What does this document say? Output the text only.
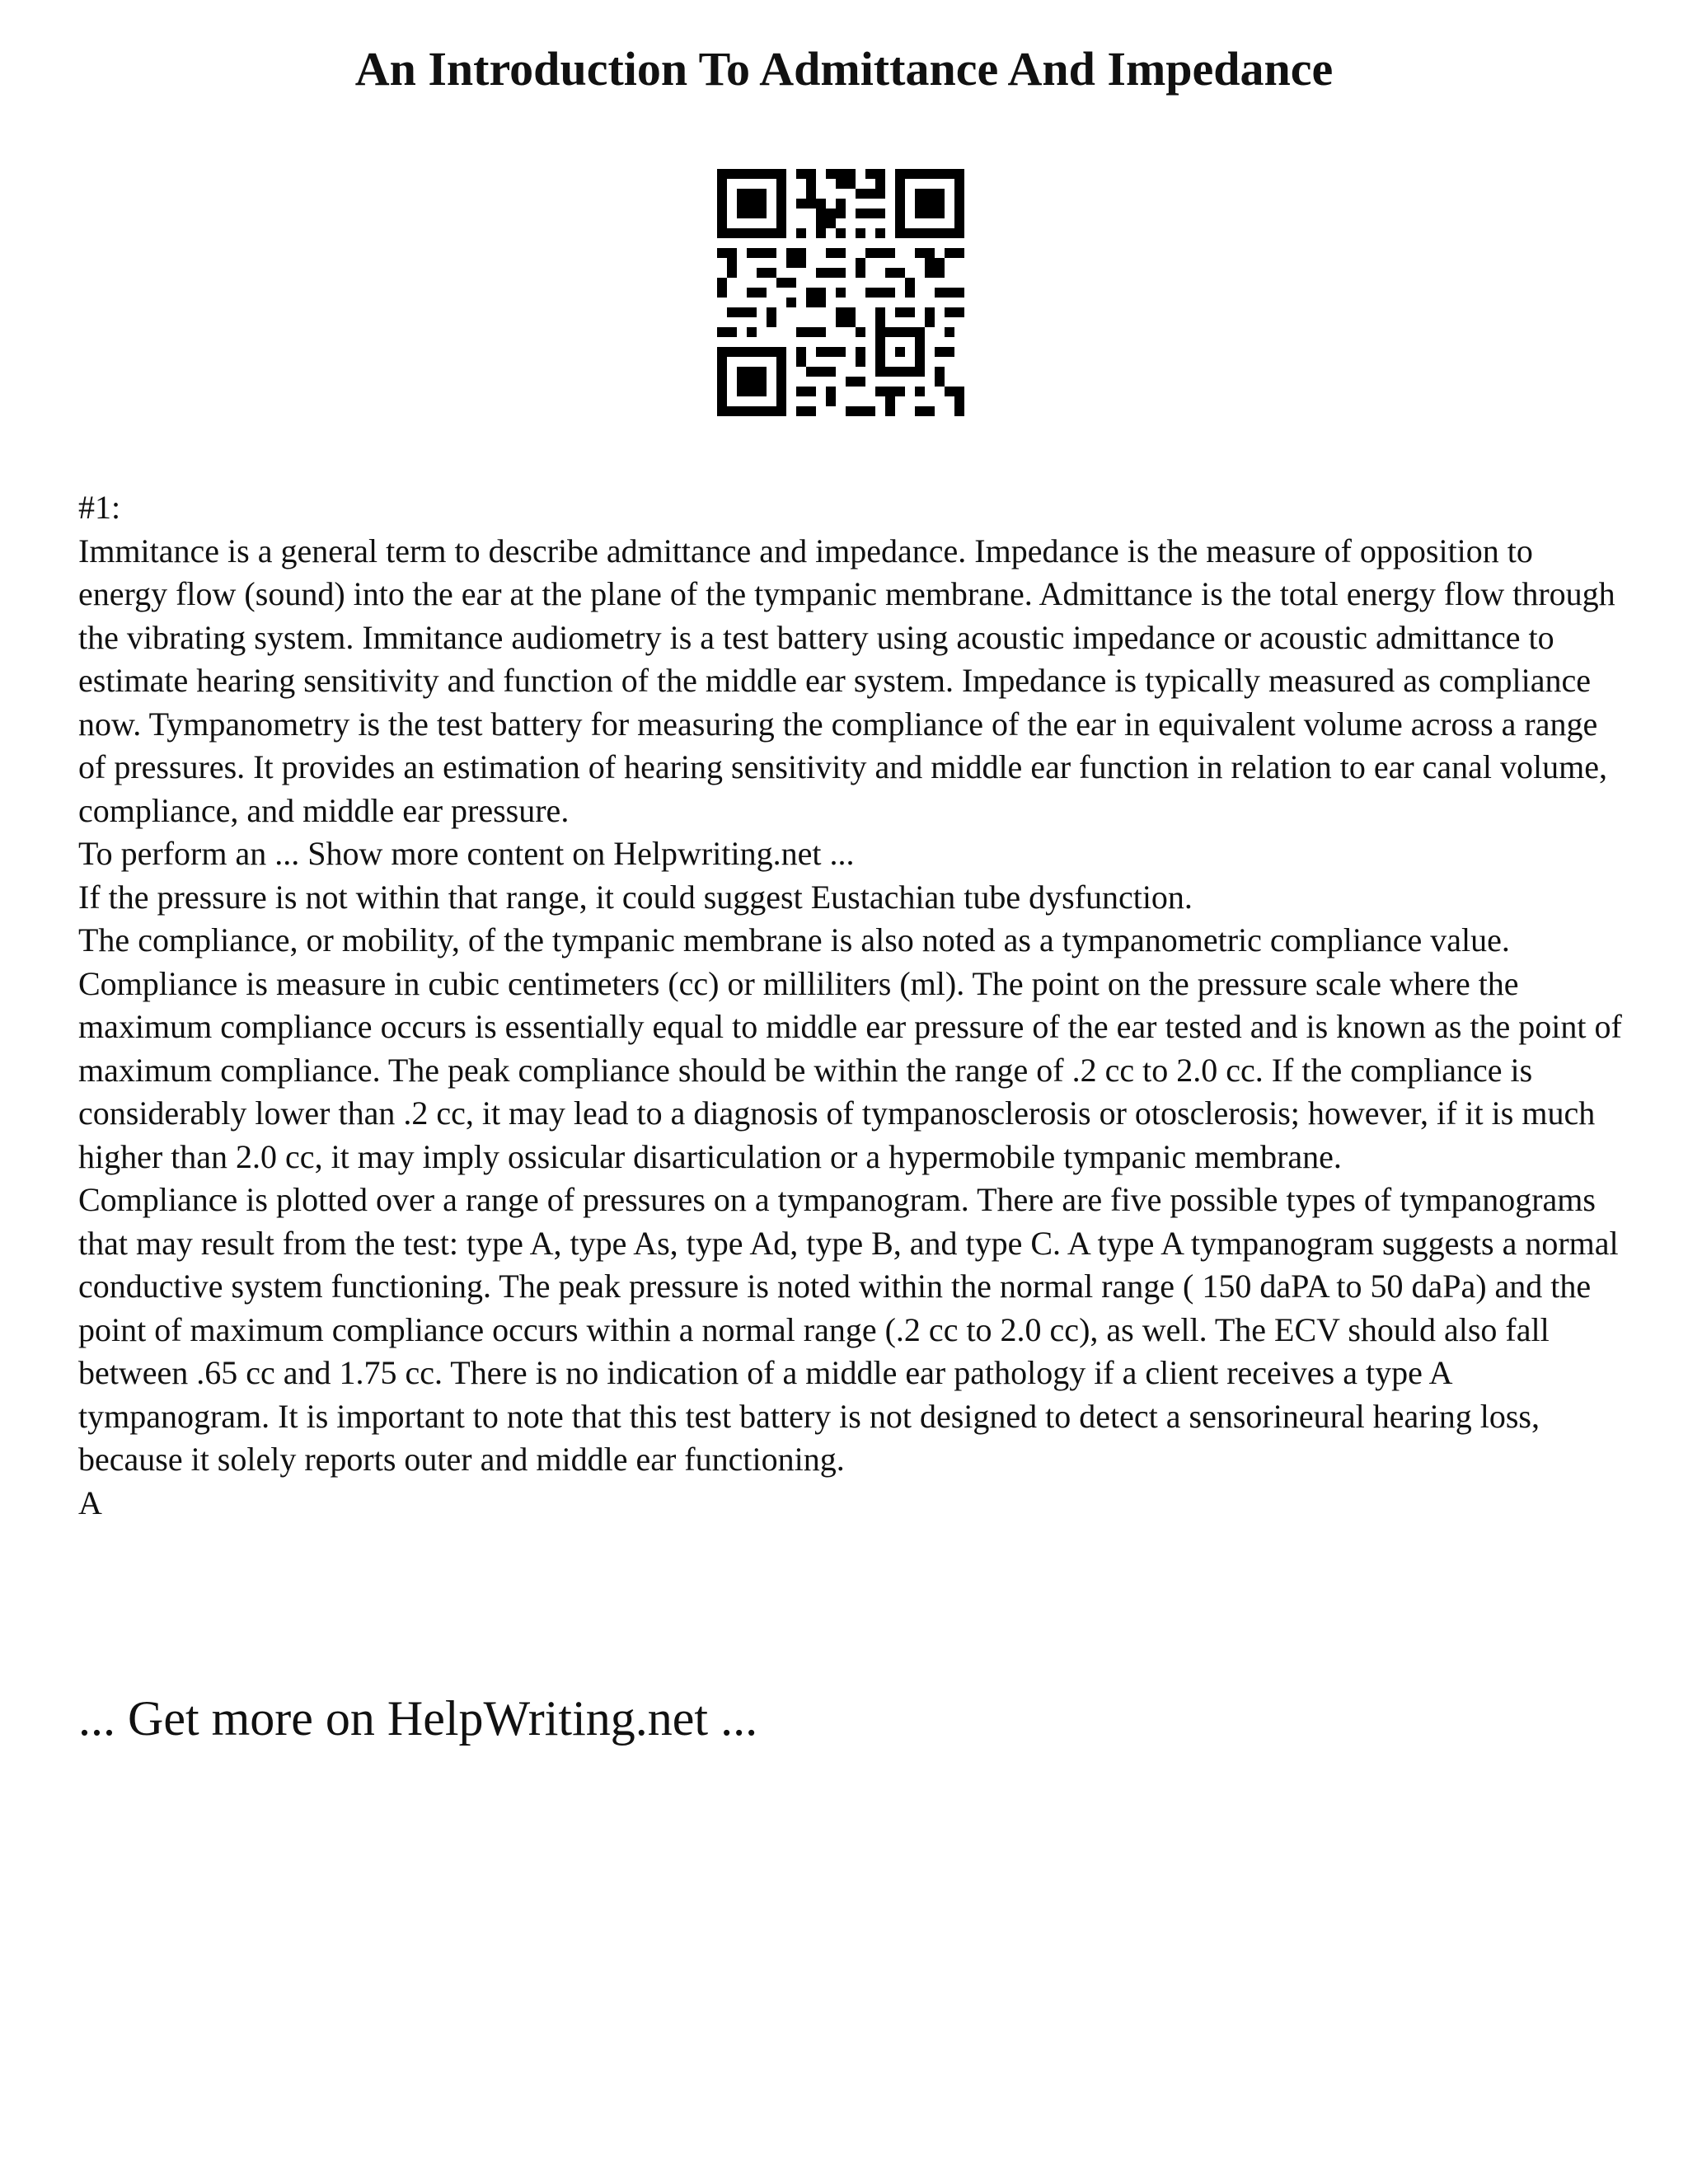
An Introduction To Admittance And Impedance

#1:

Immitance is a general term to describe admittance and impedance. Impedance is the measure of opposition to energy flow (sound) into the ear at the plane of the tympanic membrane. Admittance is the total energy flow through the vibrating system. Immitance audiometry is a test battery using acoustic impedance or acoustic admittance to estimate hearing sensitivity and function of the middle ear system. Impedance is typically measured as compliance now. Tympanometry is the test battery for measuring the compliance of the ear in equivalent volume across a range of pressures. It provides an estimation of hearing sensitivity and middle ear function in relation to ear canal volume, compliance, and middle ear pressure.

To perform an ... Show more content on Helpwriting.net ...

If the pressure is not within that range, it could suggest Eustachian tube dysfunction.

The compliance, or mobility, of the tympanic membrane is also noted as a tympanometric compliance value. Compliance is measure in cubic centimeters (cc) or milliliters (ml). The point on the pressure scale where the maximum compliance occurs is essentially equal to middle ear pressure of the ear tested and is known as the point of maximum compliance. The peak compliance should be within the range of .2 cc to 2.0 cc. If the compliance is considerably lower than .2 cc, it may lead to a diagnosis of tympanosclerosis or otosclerosis; however, if it is much higher than 2.0 cc, it may imply ossicular disarticulation or a hypermobile tympanic membrane.

Compliance is plotted over a range of pressures on a tympanogram. There are five possible types of tympanograms that may result from the test: type A, type As, type Ad, type B, and type C. A type A tympanogram suggests a normal conductive system functioning. The peak pressure is noted within the normal range ( 150 daPA to 50 daPa) and the point of maximum compliance occurs within a normal range (.2 cc to 2.0 cc), as well. The ECV should also fall between .65 cc and 1.75 cc. There is no indication of a middle ear pathology if a client receives a type A tympanogram. It is important to note that this test battery is not designed to detect a sensorineural hearing loss, because it solely reports outer and middle ear functioning.

A

... Get more on HelpWriting.net ...
